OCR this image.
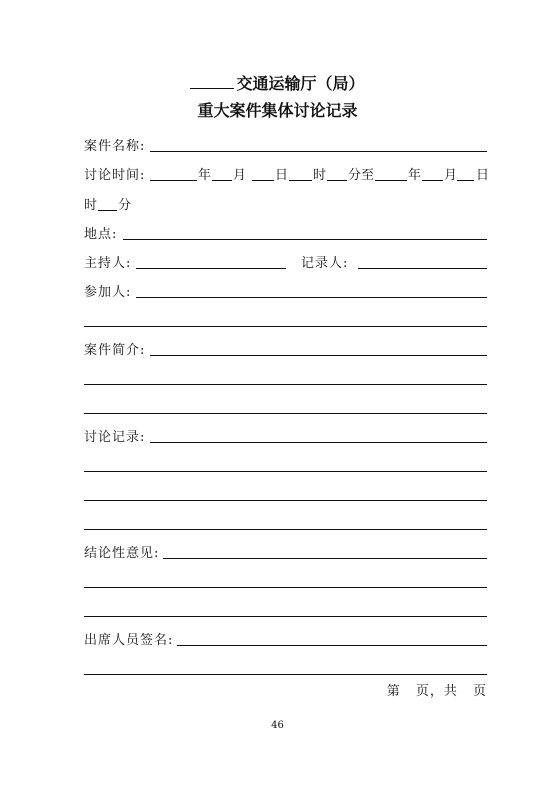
交通运输厅（局）
重大案件集体讨论记录
案件名称:
讨论时间:	年 月 日 时 分 至	年 月 日
时 分
地点:
主持人:	记录人:
参加人:
案件简介:
讨论记录:
结论性意见:
出席人员签名:
第 页，共 页
46
